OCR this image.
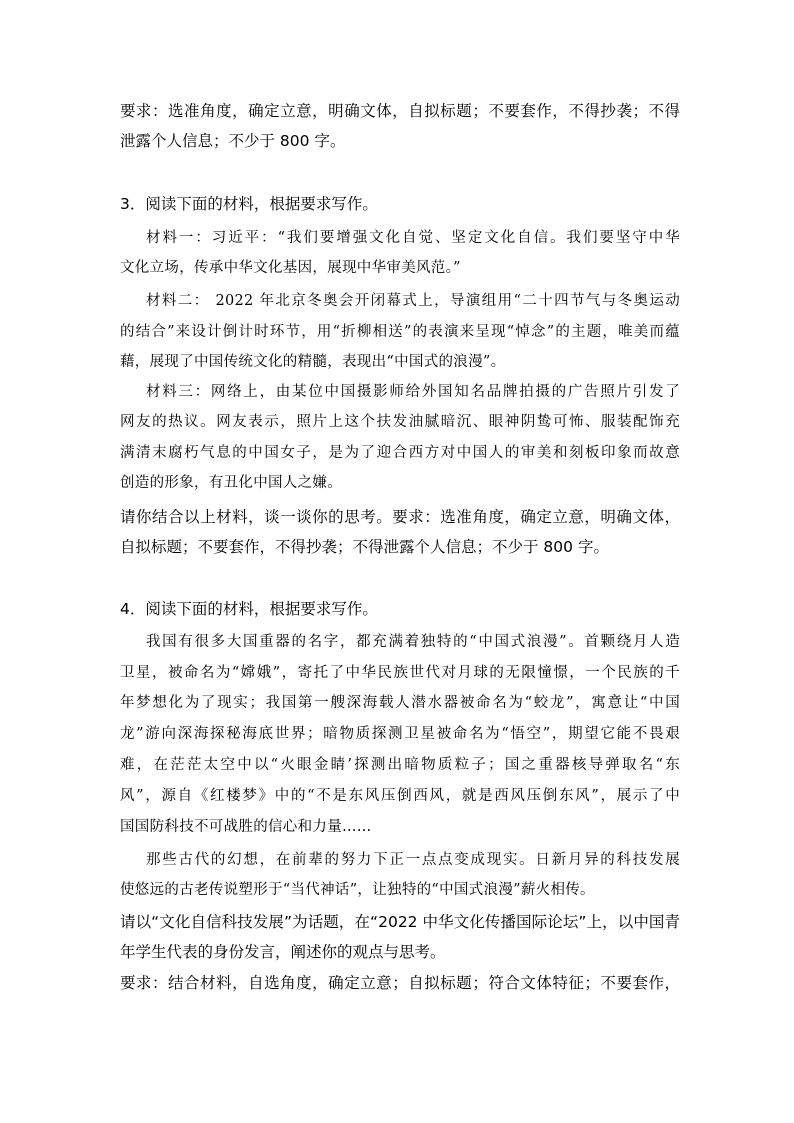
要求：选准角度，确定立意，明确文体，自拟标题；不要套作，不得抄袭；不得
泄露个人信息；不少于 800 字。
3．阅读下面的材料，根据要求写作。
材料一：习近平：“我们要增强文化自觉、坚定文化自信。我们要坚守中华
文化立场，传承中华文化基因，展现中华审美风范。”
材料二： 2022 年北京冬奥会开闭幕式上，导演组用“二十四节气与冬奥运动
的结合”来设计倒计时环节，用“折柳相送”的表演来呈现“悼念”的主题，唯美而蕴
藉，展现了中国传统文化的精髓，表现出“中国式的浪漫”。
材料三：网络上，由某位中国摄影师给外国知名品牌拍摄的广告照片引发了
网友的热议。网友表示，照片上这个扶发油腻暗沉、眼神阴鸷可怖、服装配饰充
满清末腐朽气息的中国女子，是为了迎合西方对中国人的审美和刻板印象而故意
创造的形象，有丑化中国人之嫌。
请你结合以上材料，谈一谈你的思考。要求：选准角度，确定立意，明确文体，
自拟标题；不要套作，不得抄袭；不得泄露个人信息；不少于 800 字。
4．阅读下面的材料，根据要求写作。
我国有很多大国重器的名字，都充满着独特的“中国式浪漫”。首颗绕月人造
卫星，被命名为“嫦娥”，寄托了中华民族世代对月球的无限憧憬，一个民族的千
年梦想化为了现实；我国第一艘深海载人潜水器被命名为“蛟龙”，寓意让“中国
龙”游向深海探秘海底世界；暗物质探测卫星被命名为“悟空”，期望它能不畏艰
难，在茫茫太空中以“火眼金睛’探测出暗物质粒子；国之重器核导弹取名“东
风”，源自《红楼梦》中的“不是东风压倒西风，就是西风压倒东风”，展示了中
国国防科技不可战胜的信心和力量……
那些古代的幻想，在前辈的努力下正一点点变成现实。日新月异的科技发展
使悠远的古老传说塑形于“当代神话”，让独特的“中国式浪漫”薪火相传。
请以“文化自信科技发展”为话题，在“2022 中华文化传播国际论坛”上，以中国青
年学生代表的身份发言，阐述你的观点与思考。
要求：结合材料，自选角度，确定立意；自拟标题；符合文体特征；不要套作，
